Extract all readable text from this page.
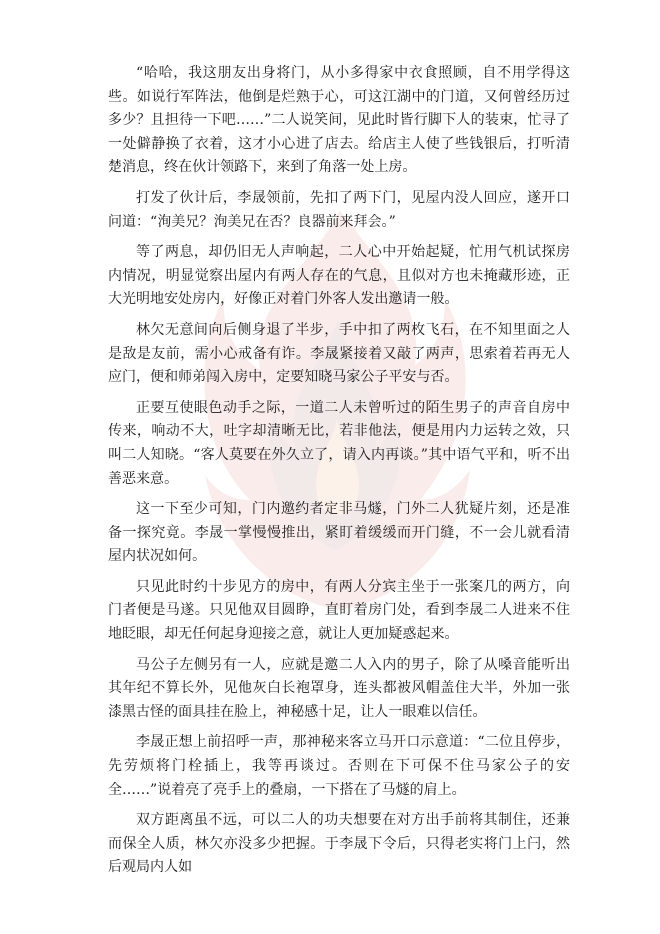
“哈哈，我这朋友出身将门，从小多得家中衣食照顾，自不用学得这些。如说行军阵法，他倒是烂熟于心，可这江湖中的门道，又何曾经历过多少？且担待一下吧……”二人说笑间，见此时皆行脚下人的装束，忙寻了一处僻静换了衣着，这才小心进了店去。给店主人使了些钱银后，打听清楚消息，终在伙计领路下，来到了角落一处上房。

打发了伙计后，李晟领前，先扣了两下门，见屋内没人回应，遂开口问道：“洵美兄？洵美兄在否？良器前来拜会。”

等了两息，却仍旧无人声响起，二人心中开始起疑，忙用气机试探房内情况，明显觉察出屋内有两人存在的气息，且似对方也未掩藏形迹，正大光明地安处房内，好像正对着门外客人发出邀请一般。

林欠无意间向后侧身退了半步，手中扣了两枚飞石，在不知里面之人是敌是友前，需小心戒备有诈。李晟紧接着又敲了两声，思索着若再无人应门，便和师弟闯入房中，定要知晓马家公子平安与否。

正要互使眼色动手之际，一道二人未曾听过的陌生男子的声音自房中传来，响动不大，吐字却清晰无比，若非他法，便是用内力运转之效，只叫二人知晓。“客人莫要在外久立了，请入内再谈。”其中语气平和，听不出善恶来意。

这一下至少可知，门内邀约者定非马燧，门外二人犹疑片刻，还是准备一探究竟。李晟一掌慢慢推出，紧盯着缓缓而开门缝，不一会儿就看清屋内状况如何。

只见此时约十步见方的房中，有两人分宾主坐于一张案几的两方，向门者便是马遂。只见他双目圆睁，直盯着房门处，看到李晟二人进来不住地眨眼，却无任何起身迎接之意，就让人更加疑惑起来。

马公子左侧另有一人，应就是邀二人入内的男子，除了从嗓音能听出其年纪不算长外，见他灰白长袍罩身，连头都被风帽盖住大半，外加一张漆黑古怪的面具挂在脸上，神秘感十足，让人一眼难以信任。

李晟正想上前招呼一声，那神秘来客立马开口示意道：“二位且停步，先劳烦将门栓插上，我等再谈过。否则在下可保不住马家公子的安全……”说着亮了亮手上的叠扇，一下搭在了马燧的肩上。

双方距离虽不远，可以二人的功夫想要在对方出手前将其制住，还兼而保全人质，林欠亦没多少把握。于李晟下令后，只得老实将门上闩，然后观局内人如
